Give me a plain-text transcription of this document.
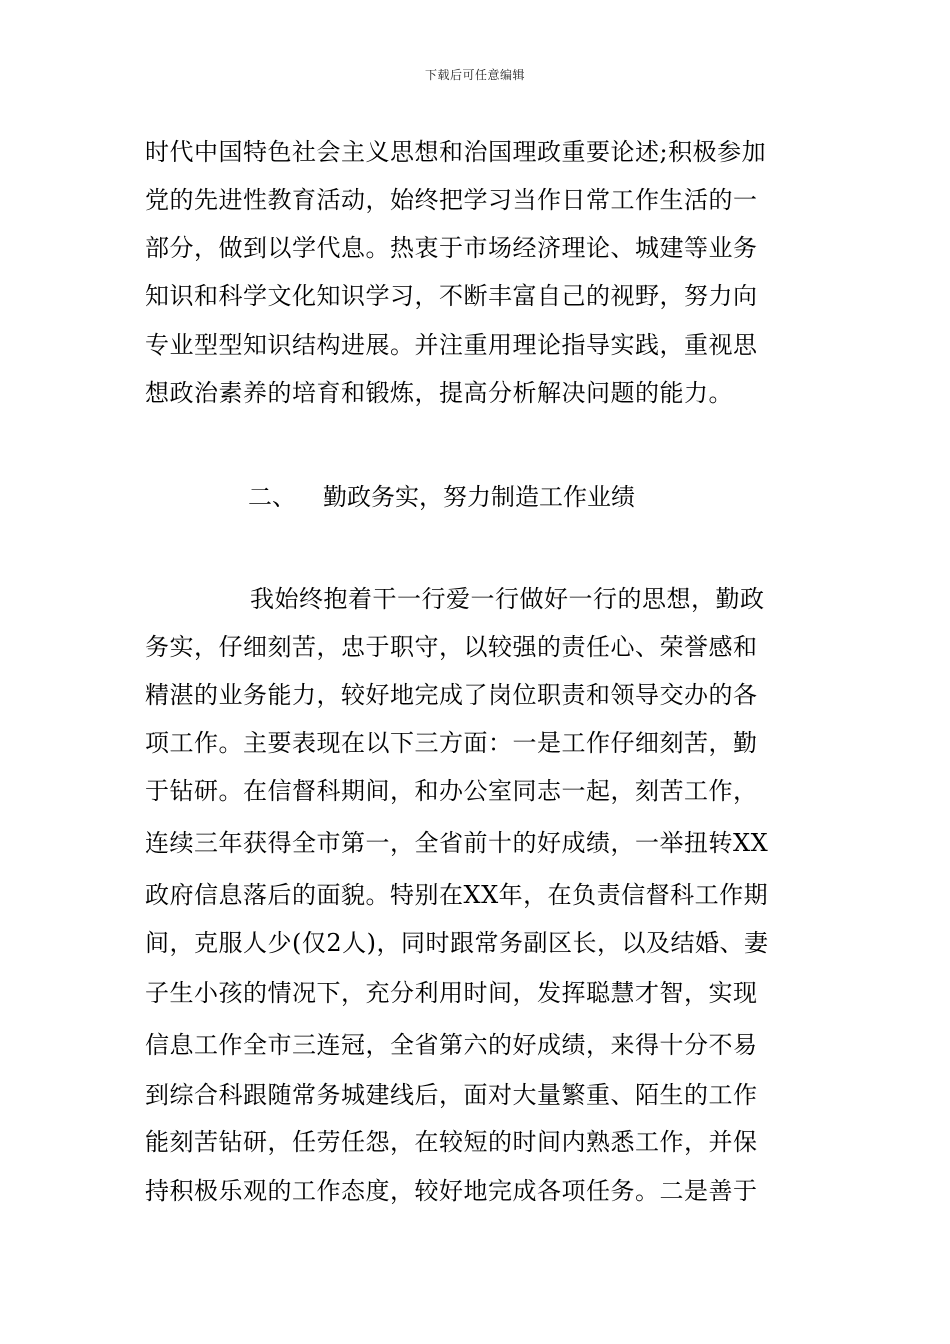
下载后可任意编辑
时代中国特色社会主义思想和治国理政重要论述;积极参加
党的先进性教育活动，始终把学习当作日常工作生活的一
部分，做到以学代息。热衷于市场经济理论、城建等业务
知识和科学文化知识学习，不断丰富自己的视野，努力向
专业型型知识结构进展。并注重用理论指导实践，重视思
想政治素养的培育和锻炼，提高分析解决问题的能力。
二、 勤政务实，努力制造工作业绩
我始终抱着干一行爱一行做好一行的思想，勤政
务实，仔细刻苦，忠于职守，以较强的责任心、荣誉感和
精湛的业务能力，较好地完成了岗位职责和领导交办的各
项工作。主要表现在以下三方面：一是工作仔细刻苦，勤
于钻研。在信督科期间，和办公室同志一起，刻苦工作，
连续三年获得全市第一，全省前十的好成绩，一举扭转XX
政府信息落后的面貌。特别在XX年，在负责信督科工作期
间，克服人少(仅2人)，同时跟常务副区长，以及结婚、妻
子生小孩的情况下，充分利用时间，发挥聪慧才智，实现
信息工作全市三连冠，全省第六的好成绩，来得十分不易
到综合科跟随常务城建线后，面对大量繁重、陌生的工作
能刻苦钻研，任劳任怨，在较短的时间内熟悉工作，并保
持积极乐观的工作态度，较好地完成各项任务。二是善于
